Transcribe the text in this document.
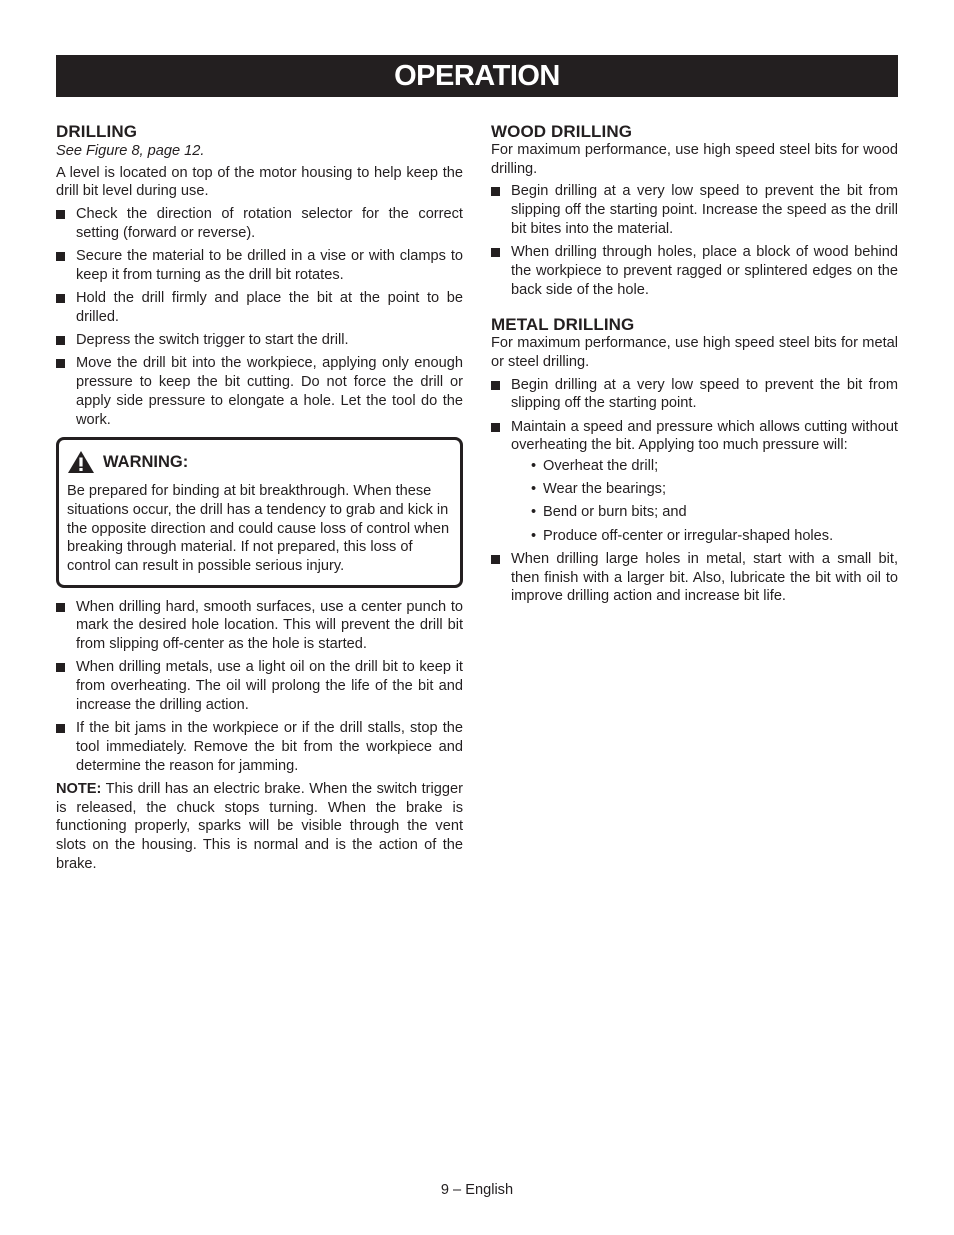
OPERATION
DRILLING

See Figure 8, page 12.

A level is located on top of the motor housing to help keep the drill bit level during use.

Check the direction of rotation selector for the correct setting (forward or reverse).
Secure the material to be drilled in a vise or with clamps to keep it from turning as the drill bit rotates.
Hold the drill firmly and place the bit at the point to be drilled.
Depress the switch trigger to start the drill.
Move the drill bit into the workpiece, applying only enough pressure to keep the bit cutting. Do not force the drill or apply side pressure to elongate a hole. Let the tool do the work.
WARNING:

Be prepared for binding at bit breakthrough. When these situations occur, the drill has a tendency to grab and kick in the opposite direction and could cause loss of control when breaking through material. If not prepared, this loss of control can result in possible serious injury.

When drilling hard, smooth surfaces, use a center punch to mark the desired hole location. This will prevent the drill bit from slipping off-center as the hole is started.
When drilling metals, use a light oil on the drill bit to keep it from overheating. The oil will prolong the life of the bit and increase the drilling action.
If the bit jams in the workpiece or if the drill stalls, stop the tool immediately. Remove the bit from the workpiece and determine the reason for jamming.

NOTE: This drill has an electric brake. When the switch trigger is released, the chuck stops turning. When the brake is functioning properly, sparks will be visible through the vent slots on the housing. This is normal and is the action of the brake.

WOOD DRILLING

For maximum performance, use high speed steel bits for wood drilling.

Begin drilling at a very low speed to prevent the bit from slipping off the starting point. Increase the speed as the drill bit bites into the material.
When drilling through holes, place a block of wood behind the workpiece to prevent ragged or splintered edges on the back side of the hole.
METAL DRILLING

For maximum performance, use high speed steel bits for metal or steel drilling.

Begin drilling at a very low speed to prevent the bit from slipping off the starting point.
Maintain a speed and pressure which allows cutting without overheating the bit. Applying too much pressure will:
• Overheat the drill;
• Wear the bearings;
• Bend or burn bits; and
• Produce off-center or irregular-shaped holes.
When drilling large holes in metal, start with a small bit, then finish with a larger bit. Also, lubricate the bit with oil to improve drilling action and increase bit life.
9 – English
